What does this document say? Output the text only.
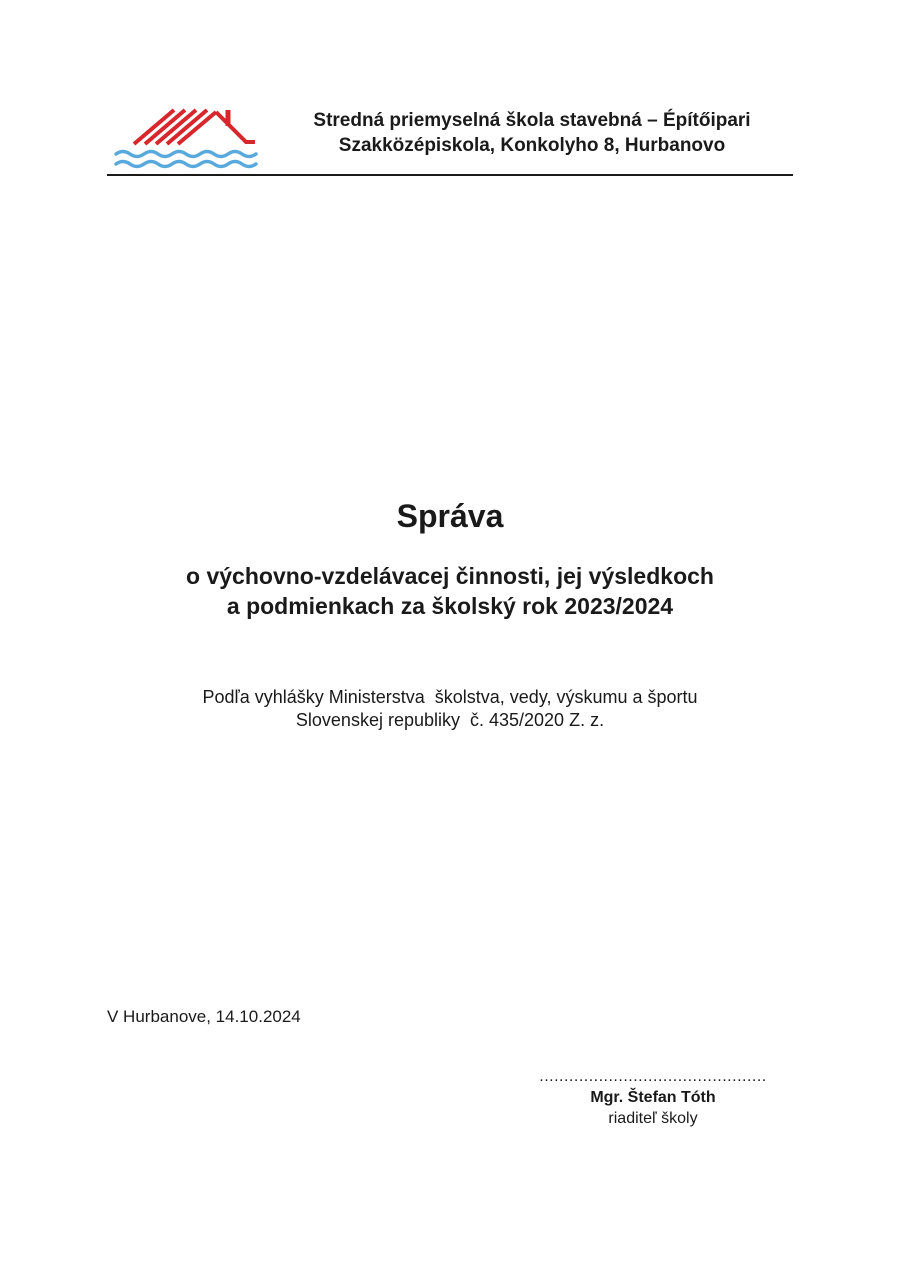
Stredná priemyselná škola stavebná – Építőipari
Szakközépiskola, Konkolyho 8, Hurbanovo
Správa
o výchovno-vzdelávacej činnosti, jej výsledkoch
a podmienkach za školský rok 2023/2024
Podľa vyhlášky Ministerstva  školstva, vedy, výskumu a športu
Slovenskej republiky  č. 435/2020 Z. z.
V Hurbanove, 14.10.2024
..............................................
Mgr. Štefan Tóth
riaditeľ školy
